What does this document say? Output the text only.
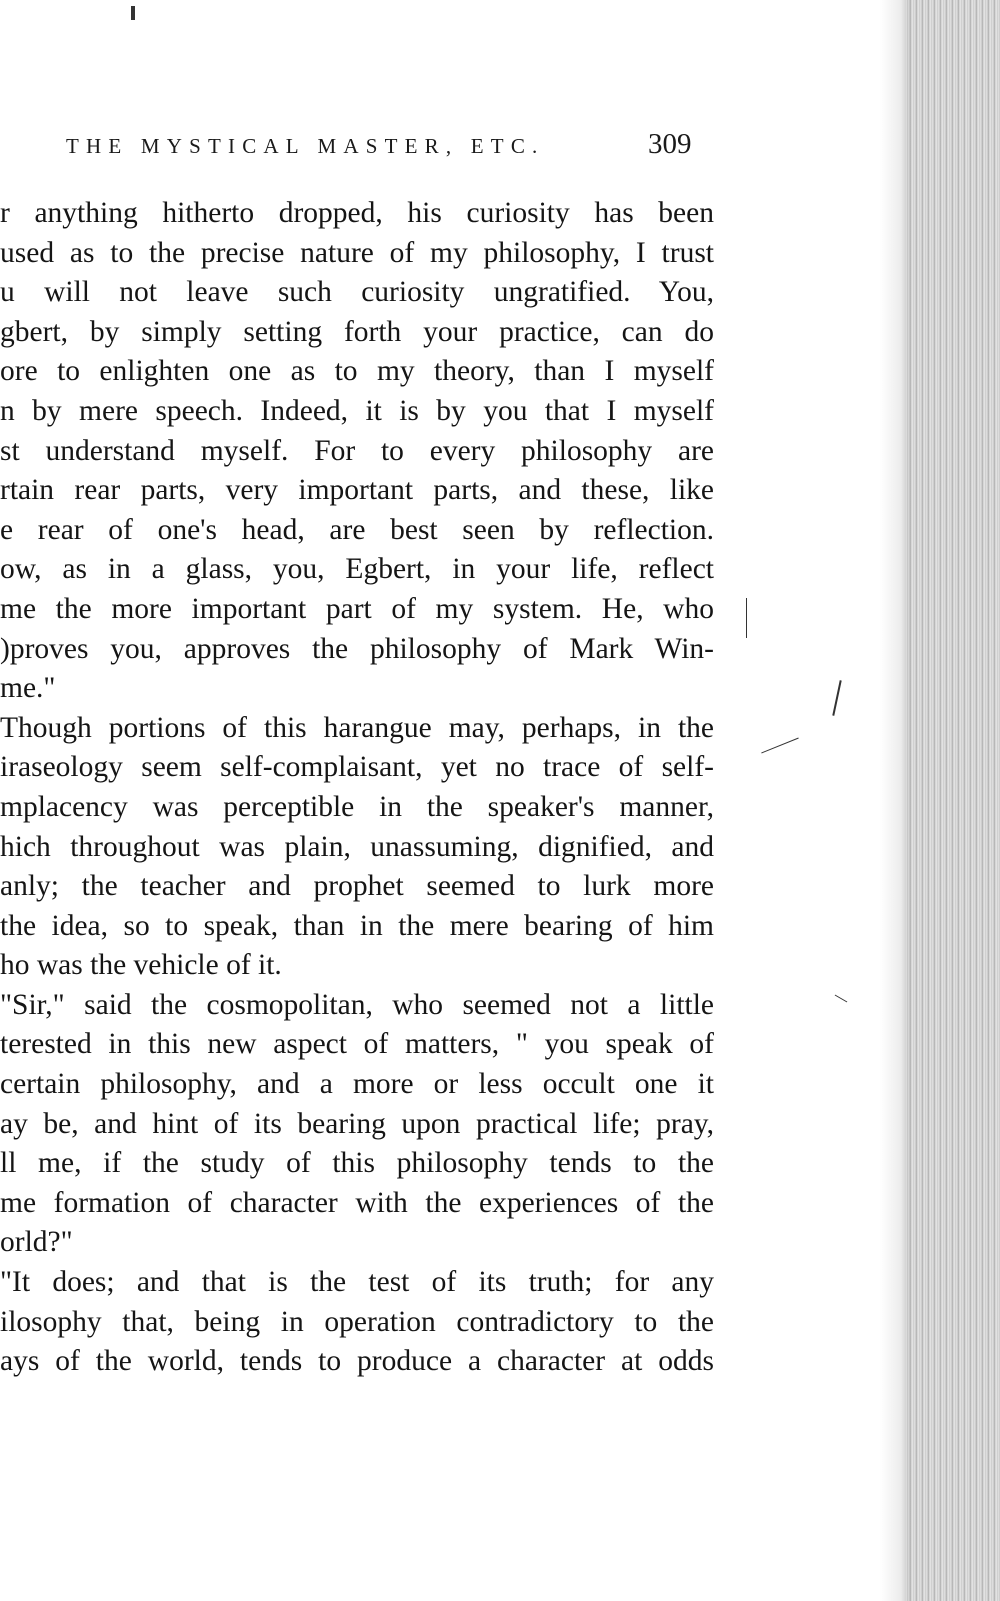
THE MYSTICAL MASTER, ETC.	309
r anything hitherto dropped, his curiosity has been
used as to the precise nature of my philosophy, I trust
u will not leave such curiosity ungratified. You,
gbert, by simply setting forth your practice, can do
ore to enlighten one as to my theory, than I myself
n by mere speech. Indeed, it is by you that I myself
st understand myself. For to every philosophy are
rtain rear parts, very important parts, and these, like
e rear of one's head, are best seen by reflection.
ow, as in a glass, you, Egbert, in your life, reflect
me the more important part of my system. He, who
)proves you, approves the philosophy of Mark Win-
me."
Though portions of this harangue may, perhaps, in the
iraseology seem self-complaisant, yet no trace of self-
mplacency was perceptible in the speaker's manner,
hich throughout was plain, unassuming, dignified, and
anly; the teacher and prophet seemed to lurk more
the idea, so to speak, than in the mere bearing of him
ho was the vehicle of it.
"Sir," said the cosmopolitan, who seemed not a little
terested in this new aspect of matters, " you speak of
certain philosophy, and a more or less occult one it
ay be, and hint of its bearing upon practical life; pray,
ll me, if the study of this philosophy tends to the
me formation of character with the experiences of the
orld?"
"It does; and that is the test of its truth; for any
ilosophy that, being in operation contradictory to the
ays of the world, tends to produce a character at odds
